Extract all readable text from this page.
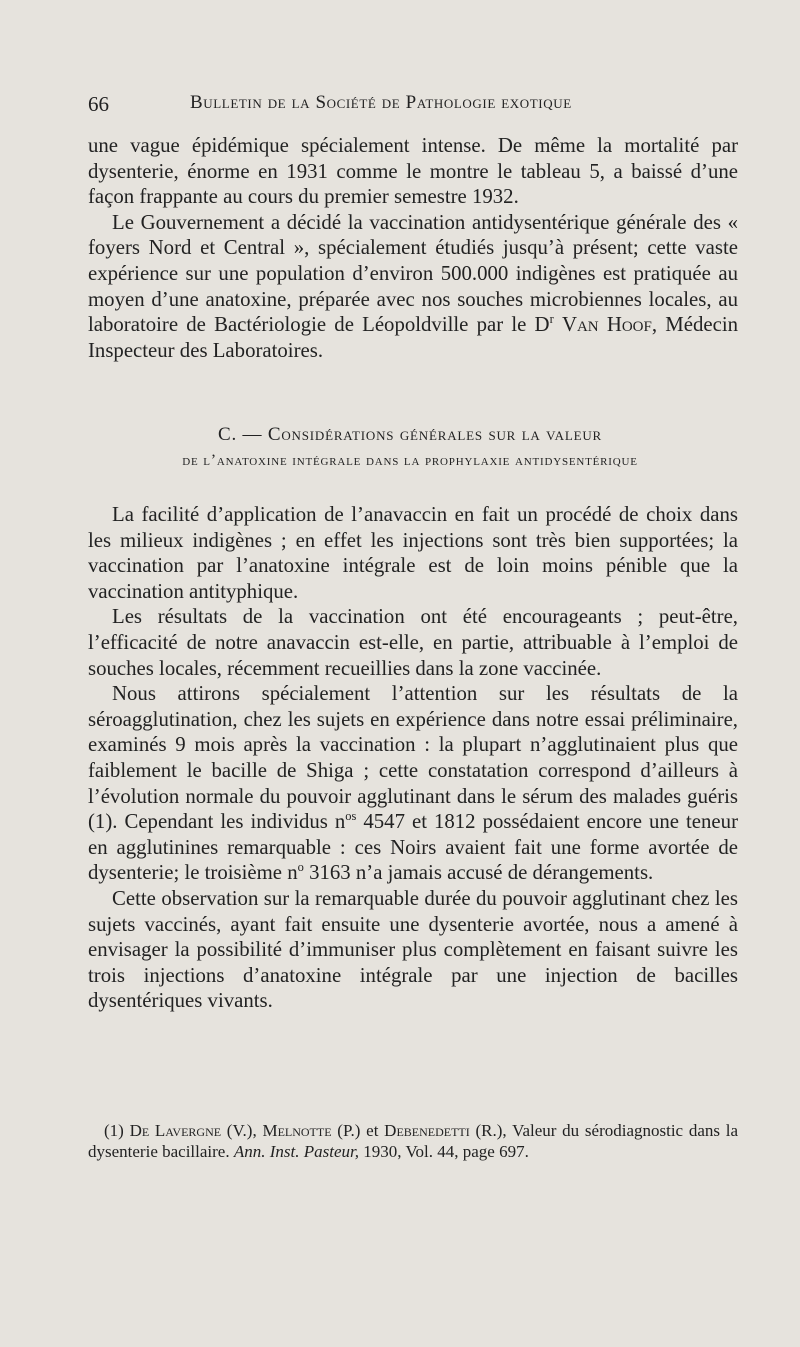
66	Bulletin de la Société de Pathologie exotique

une vague épidémique spécialement intense. De même la mortalité par dysenterie, énorme en 1931 comme le montre le tableau 5, a baissé d’une façon frappante au cours du premier semestre 1932.

Le Gouvernement a décidé la vaccination antidysentérique générale des « foyers Nord et Central », spécialement étudiés jusqu’à présent; cette vaste expérience sur une population d’environ 500.000 indigènes est pratiquée au moyen d’une anatoxine, préparée avec nos souches microbiennes locales, au laboratoire de Bactériologie de Léopoldville par le $D^r$ Van Hoof, Médecin Inspecteur des Laboratoires.

C. — Considérations générales sur la valeur
de l’anatoxine intégrale dans la prophylaxie antidysentérique

La facilité d’application de l’anavaccin en fait un procédé de choix dans les milieux indigènes ; en effet les injections sont très bien supportées; la vaccination par l’anatoxine intégrale est de loin moins pénible que la vaccination antityphique.

Les résultats de la vaccination ont été encourageants ; peut-être, l’efficacité de notre anavaccin est-elle, en partie, attribuable à l’emploi de souches locales, récemment recueillies dans la zone vaccinée.

Nous attirons spécialement l’attention sur les résultats de la séroagglutination, chez les sujets en expérience dans notre essai préliminaire, examinés 9 mois après la vaccination : la plupart n’agglutinaient plus que faiblement le bacille de Shiga ; cette constatation correspond d’ailleurs à l’évolution normale du pouvoir agglutinant dans le sérum des malades guéris (1). Cependant les individus $n^{os}$ 4547 et 1812 possédaient encore une teneur en agglutinines remarquable : ces Noirs avaient fait une forme avortée de dysenterie; le troisième $n^o$ 3163 n’a jamais accusé de dérangements.

Cette observation sur la remarquable durée du pouvoir agglutinant chez les sujets vaccinés, ayant fait ensuite une dysenterie avortée, nous a amené à envisager la possibilité d’immuniser plus complètement en faisant suivre les trois injections d’anatoxine intégrale par une injection de bacilles dysentériques vivants.

(1) De Lavergne (V.), Melnotte (P.) et Debenedetti (R.), Valeur du sérodiagnostic dans la dysenterie bacillaire. Ann. Inst. Pasteur, 1930, Vol. 44, page 697.
